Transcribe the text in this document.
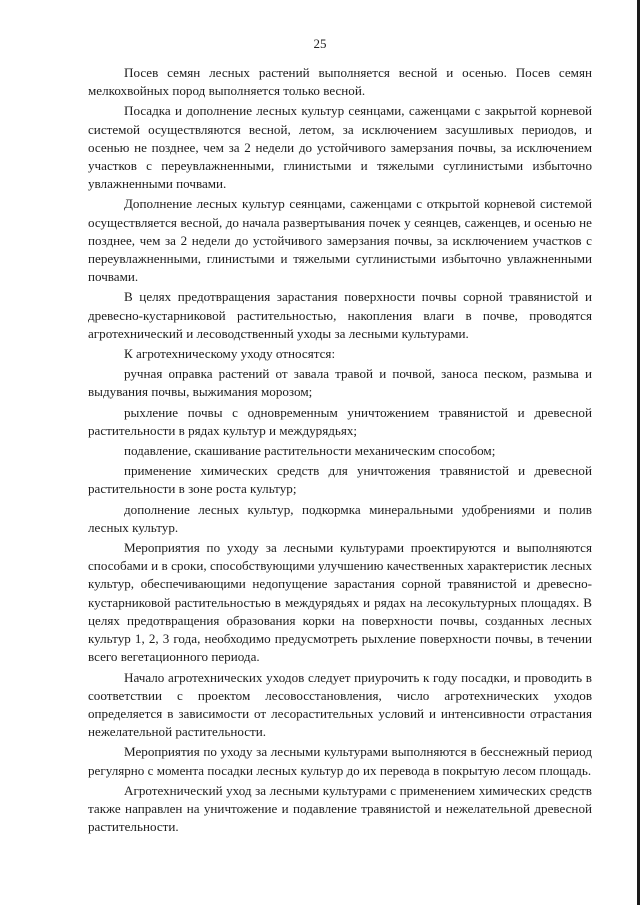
25

Посев семян лесных растений выполняется весной и осенью. Посев семян мелкохвойных пород выполняется только весной.

Посадка и дополнение лесных культур сеянцами, саженцами с закрытой корневой системой осуществляются весной, летом, за исключением засушливых периодов, и осенью не позднее, чем за 2 недели до устойчивого замерзания почвы, за исключением участков с переувлажненными, глинистыми и тяжелыми суглинистыми избыточно увлажненными почвами.

Дополнение лесных культур сеянцами, саженцами с открытой корневой системой осуществляется весной, до начала развертывания почек у сеянцев, саженцев, и осенью не позднее, чем за 2 недели до устойчивого замерзания почвы, за исключением участков с переувлажненными, глинистыми и тяжелыми суглинистыми избыточно увлажненными почвами.

В целях предотвращения зарастания поверхности почвы сорной травянистой и древесно-кустарниковой растительностью, накопления влаги в почве, проводятся агротехнический и лесоводственный уходы за лесными культурами.

К агротехническому уходу относятся:

ручная оправка растений от завала травой и почвой, заноса песком, размыва и выдувания почвы, выжимания морозом;

рыхление почвы с одновременным уничтожением травянистой и древесной растительности в рядах культур и междурядьях;

подавление, скашивание растительности механическим способом;

применение химических средств для уничтожения травянистой и древесной растительности в зоне роста культур;

дополнение лесных культур, подкормка минеральными удобрениями и полив лесных культур.

Мероприятия по уходу за лесными культурами проектируются и выполняются способами и в сроки, способствующими улучшению качественных характеристик лесных культур, обеспечивающими недопущение зарастания сорной травянистой и древесно-кустарниковой растительностью в междурядьях и рядах на лесокультурных площадях. В целях предотвращения образования корки на поверхности почвы, созданных лесных культур 1, 2, 3 года, необходимо предусмотреть рыхление поверхности почвы, в течении всего вегетационного периода.

Начало агротехнических уходов следует приурочить к году посадки, и проводить в соответствии с проектом лесовосстановления, число агротехнических уходов определяется в зависимости от лесорастительных условий и интенсивности отрастания нежелательной растительности.

Мероприятия по уходу за лесными культурами выполняются в бесснежный период регулярно с момента посадки лесных культур до их перевода в покрытую лесом площадь.

Агротехнический уход за лесными культурами с применением химических средств также направлен на уничтожение и подавление травянистой и нежелательной древесной растительности.
